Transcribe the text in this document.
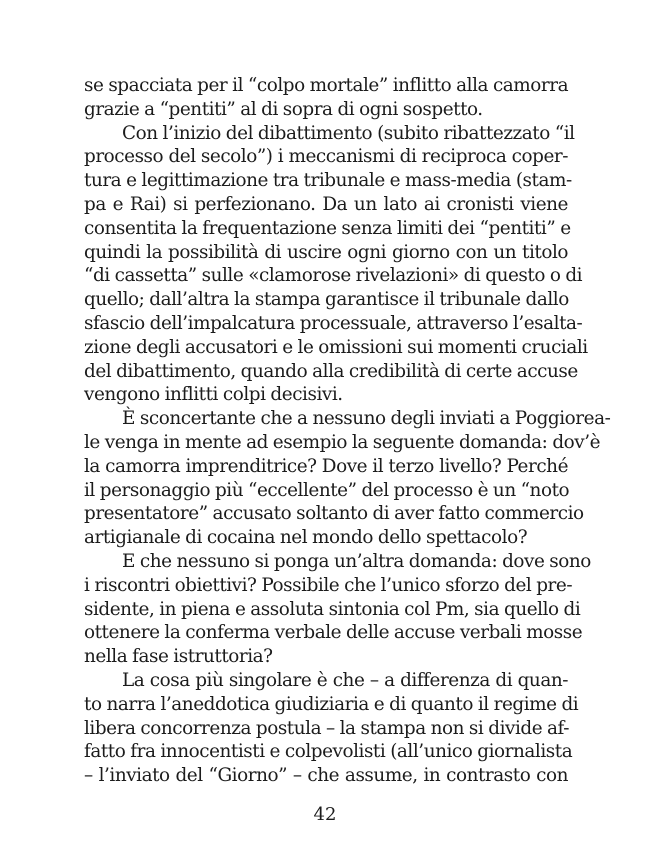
se spacciata per il “colpo mortale” inflitto alla camorra
grazie a “pentiti” al di sopra di ogni sospetto.
Con l’inizio del dibattimento (subito ribattezzato “il
processo del secolo”) i meccanismi di reciproca coper-
tura e legittimazione tra tribunale e mass-media (stam-
pa e Rai) si perfezionano. Da un lato ai cronisti viene
consentita la frequentazione senza limiti dei “pentiti” e
quindi la possibilità di uscire ogni giorno con un titolo
“di cassetta” sulle «clamorose rivelazioni» di questo o di
quello; dall’altra la stampa garantisce il tribunale dallo
sfascio dell’impalcatura processuale, attraverso l’esalta-
zione degli accusatori e le omissioni sui momenti cruciali
del dibattimento, quando alla credibilità di certe accuse
vengono inflitti colpi decisivi.
È sconcertante che a nessuno degli inviati a Poggiorea-
le venga in mente ad esempio la seguente domanda: dov’è
la camorra imprenditrice? Dove il terzo livello? Perché
il personaggio più “eccellente” del processo è un “noto
presentatore” accusato soltanto di aver fatto commercio
artigianale di cocaina nel mondo dello spettacolo?
E che nessuno si ponga un’altra domanda: dove sono
i riscontri obiettivi? Possibile che l’unico sforzo del pre-
sidente, in piena e assoluta sintonia col Pm, sia quello di
ottenere la conferma verbale delle accuse verbali mosse
nella fase istruttoria?
La cosa più singolare è che – a differenza di quan-
to narra l’aneddotica giudiziaria e di quanto il regime di
libera concorrenza postula – la stampa non si divide af-
fatto fra innocentisti e colpevolisti (all’unico giornalista
– l’inviato del “Giorno” – che assume, in contrasto con
42
